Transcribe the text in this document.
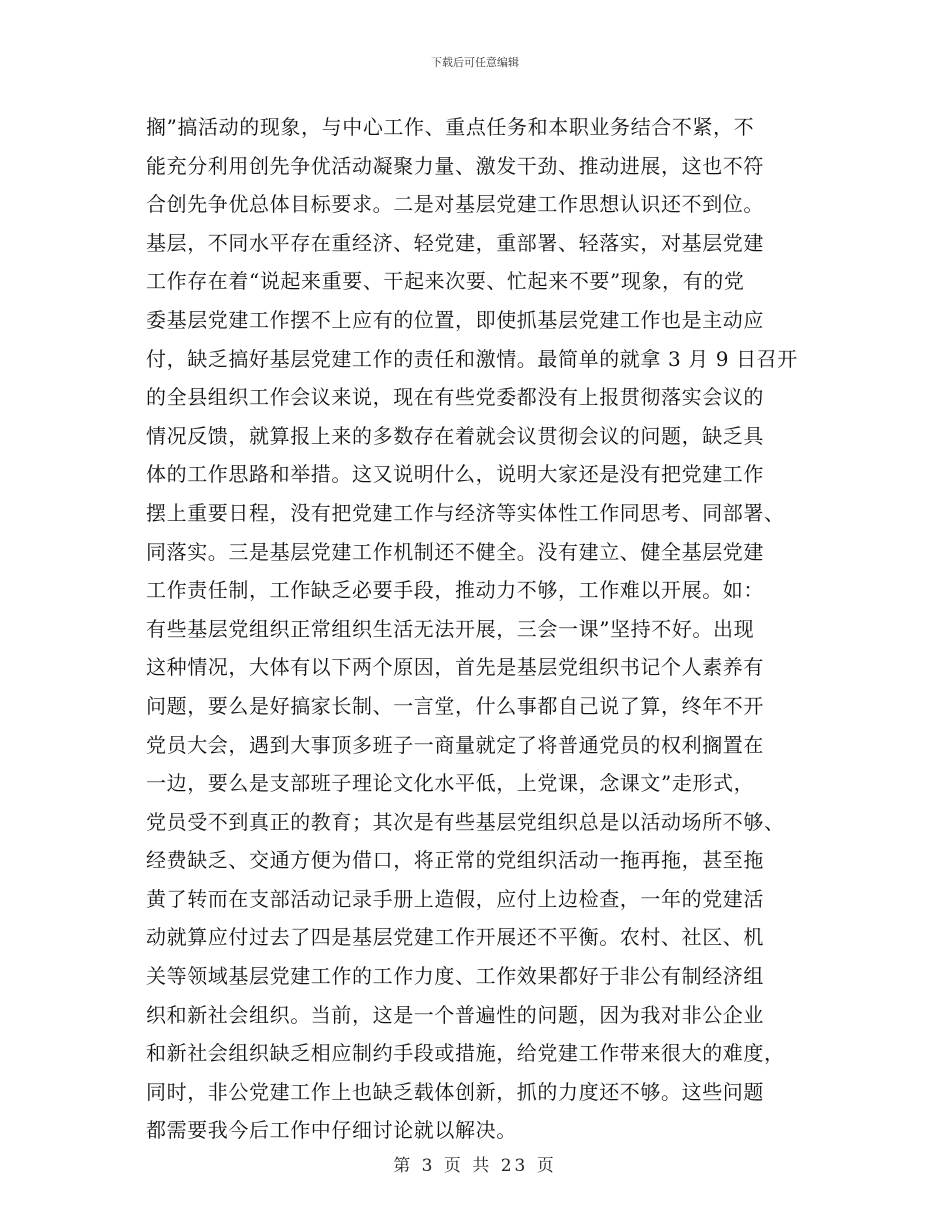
下载后可任意编辑
搁”搞活动的现象，与中心工作、重点任务和本职业务结合不紧，不
能充分利用创先争优活动凝聚力量、激发干劲、推动进展，这也不符
合创先争优总体目标要求。二是对基层党建工作思想认识还不到位。
基层，不同水平存在重经济、轻党建，重部署、轻落实，对基层党建
工作存在着“说起来重要、干起来次要、忙起来不要”现象，有的党
委基层党建工作摆不上应有的位置，即使抓基层党建工作也是主动应
付，缺乏搞好基层党建工作的责任和激情。最简单的就拿 3 月 9 日召开
的全县组织工作会议来说，现在有些党委都没有上报贯彻落实会议的
情况反馈，就算报上来的多数存在着就会议贯彻会议的问题，缺乏具
体的工作思路和举措。这又说明什么，说明大家还是没有把党建工作
摆上重要日程，没有把党建工作与经济等实体性工作同思考、同部署、
同落实。三是基层党建工作机制还不健全。没有建立、健全基层党建
工作责任制，工作缺乏必要手段，推动力不够，工作难以开展。如：
有些基层党组织正常组织生活无法开展，三会一课”坚持不好。出现
这种情况，大体有以下两个原因，首先是基层党组织书记个人素养有
问题，要么是好搞家长制、一言堂，什么事都自己说了算，终年不开
党员大会，遇到大事顶多班子一商量就定了将普通党员的权利搁置在
一边，要么是支部班子理论文化水平低，上党课，念课文”走形式，
党员受不到真正的教育；其次是有些基层党组织总是以活动场所不够、
经费缺乏、交通方便为借口，将正常的党组织活动一拖再拖，甚至拖
黄了转而在支部活动记录手册上造假，应付上边检查，一年的党建活
动就算应付过去了四是基层党建工作开展还不平衡。农村、社区、机
关等领域基层党建工作的工作力度、工作效果都好于非公有制经济组
织和新社会组织。当前，这是一个普遍性的问题，因为我对非公企业
和新社会组织缺乏相应制约手段或措施，给党建工作带来很大的难度，
同时，非公党建工作上也缺乏载体创新，抓的力度还不够。这些问题
都需要我今后工作中仔细讨论就以解决。
第 3 页 共 23 页
